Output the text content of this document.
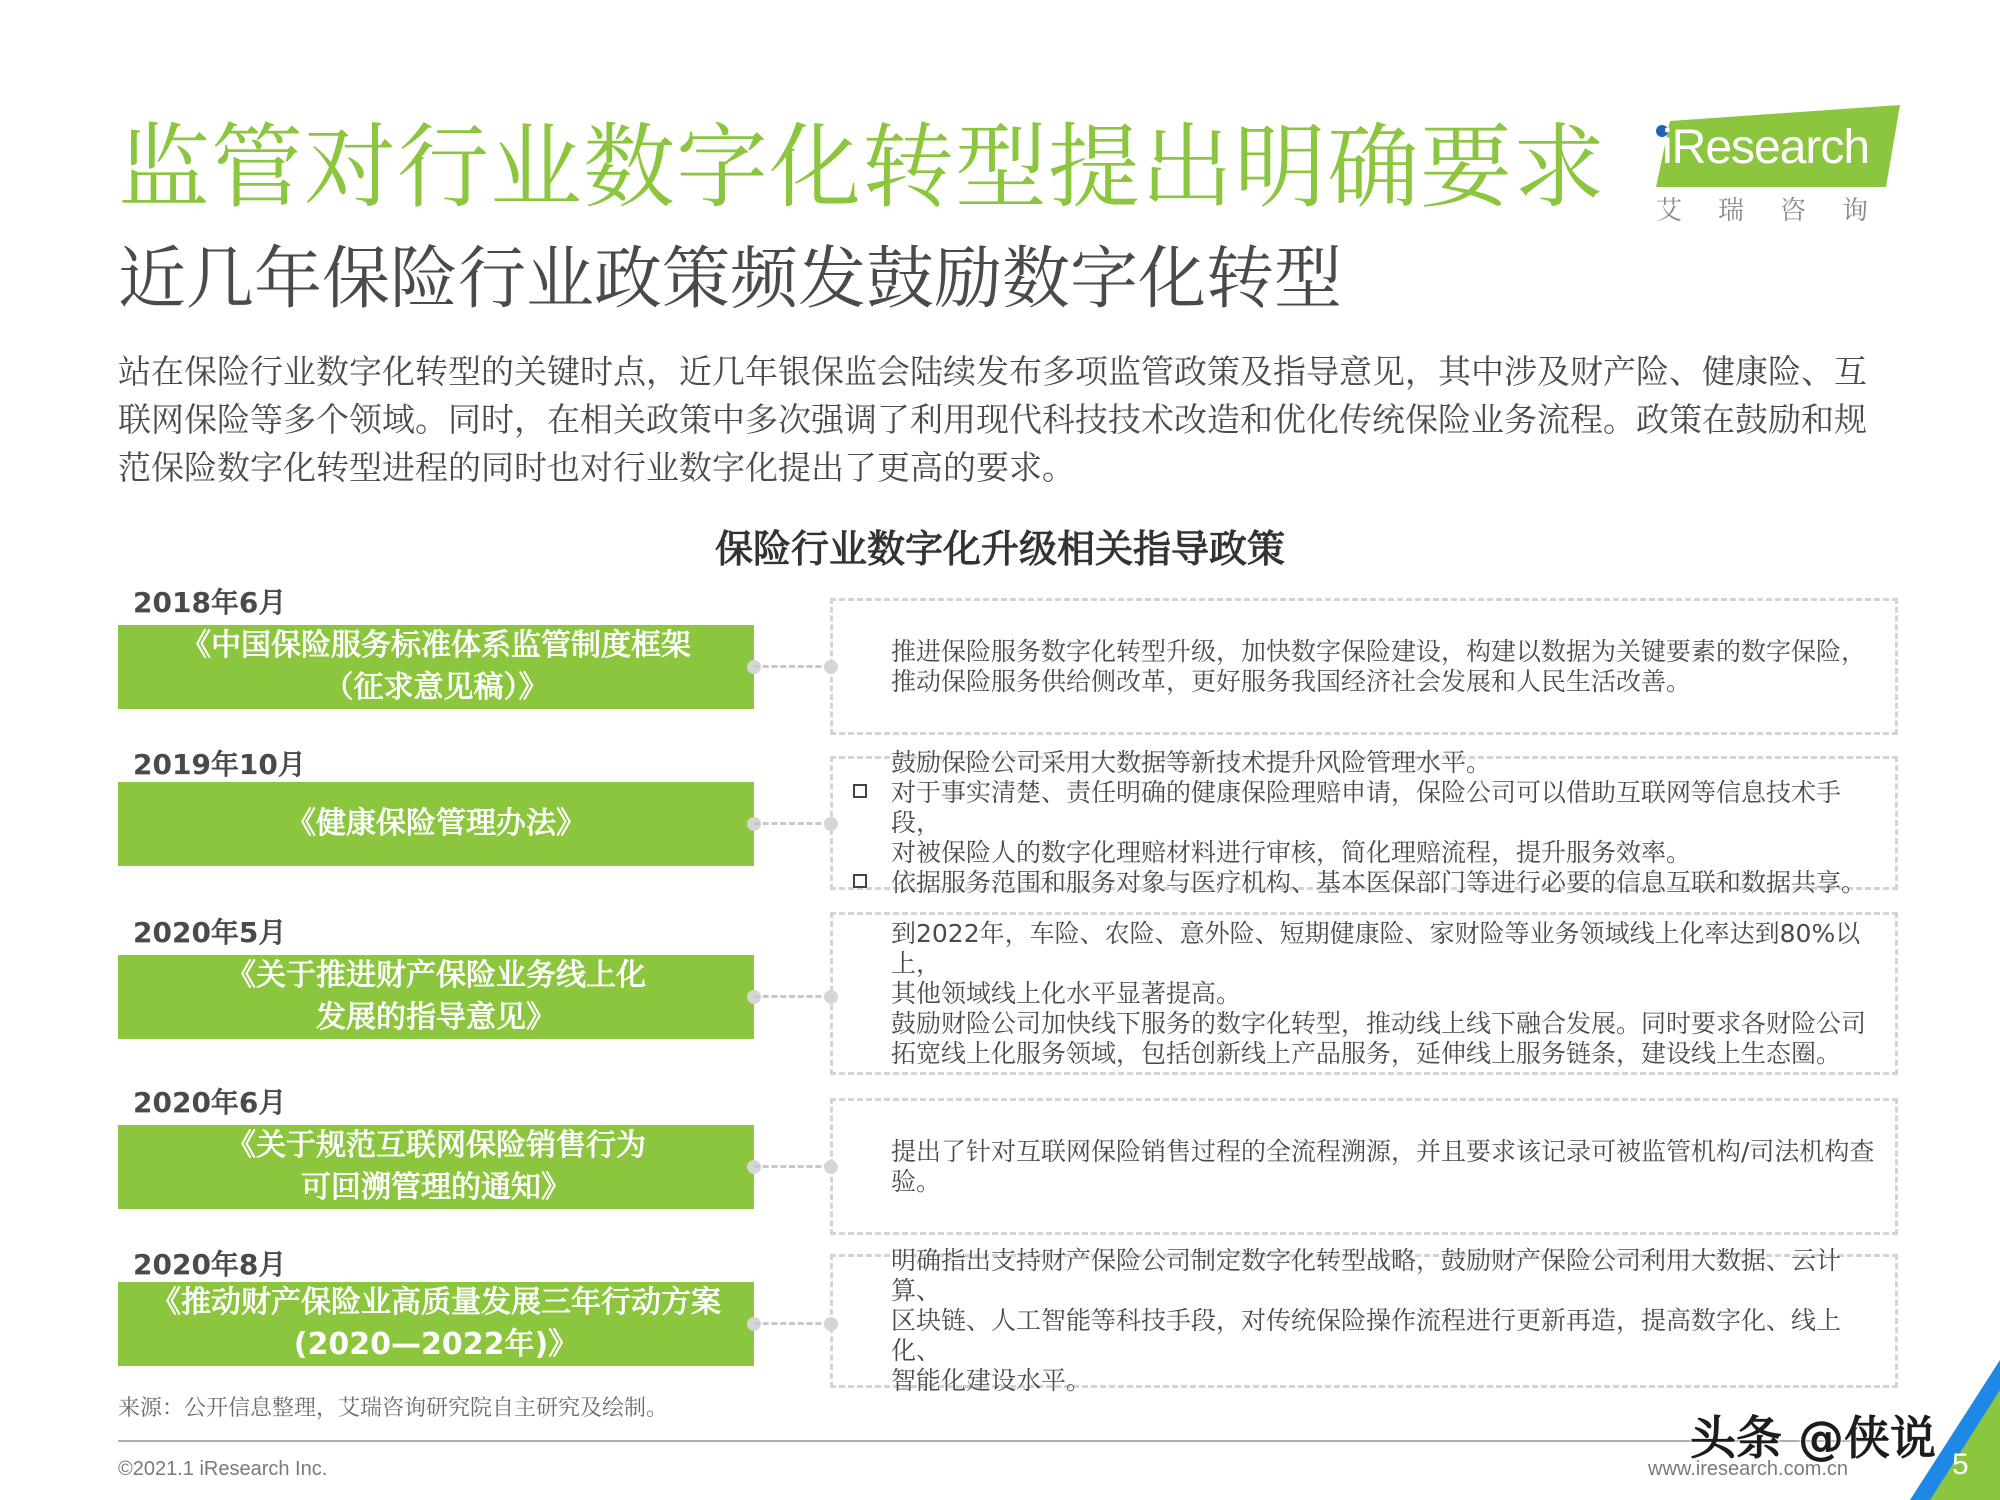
监管对行业数字化转型提出明确要求
近几年保险行业政策频发鼓励数字化转型
iResearch
艾瑞咨询
站在保险行业数字化转型的关键时点，近几年银保监会陆续发布多项监管政策及指导意见，其中涉及财产险、健康险、互联网保险等多个领域。同时，在相关政策中多次强调了利用现代科技技术改造和优化传统保险业务流程。政策在鼓励和规范保险数字化转型进程的同时也对行业数字化提出了更高的要求。
保险行业数字化升级相关指导政策
2018年6月
《中国保险服务标准体系监管制度框架
（征求意见稿）》
推进保险服务数字化转型升级，加快数字保险建设，构建以数据为关键要素的数字保险，
推动保险服务供给侧改革，更好服务我国经济社会发展和人民生活改善。
2019年10月
《健康保险管理办法》
鼓励保险公司采用大数据等新技术提升风险管理水平。
对于事实清楚、责任明确的健康保险理赔申请，保险公司可以借助互联网等信息技术手段，
对被保险人的数字化理赔材料进行审核，简化理赔流程，提升服务效率。
依据服务范围和服务对象与医疗机构、基本医保部门等进行必要的信息互联和数据共享。
2020年5月
《关于推进财产保险业务线上化
发展的指导意见》
到2022年，车险、农险、意外险、短期健康险、家财险等业务领域线上化率达到80%以上，
其他领域线上化水平显著提高。
鼓励财险公司加快线下服务的数字化转型，推动线上线下融合发展。同时要求各财险公司
拓宽线上化服务领域，包括创新线上产品服务，延伸线上服务链条，建设线上生态圈。
2020年6月
《关于规范互联网保险销售行为
可回溯管理的通知》
提出了针对互联网保险销售过程的全流程溯源，并且要求该记录可被监管机构/司法机构查
验。
2020年8月
《推动财产保险业高质量发展三年行动方案
(2020—2022年)》
明确指出支持财产保险公司制定数字化转型战略，鼓励财产保险公司利用大数据、云计算、
区块链、人工智能等科技手段，对传统保险操作流程进行更新再造，提高数字化、线上化、
智能化建设水平。
来源：公开信息整理，艾瑞咨询研究院自主研究及绘制。
©2021.1 iResearch Inc.	www.iresearch.com.cn
头条 @侠说 5
